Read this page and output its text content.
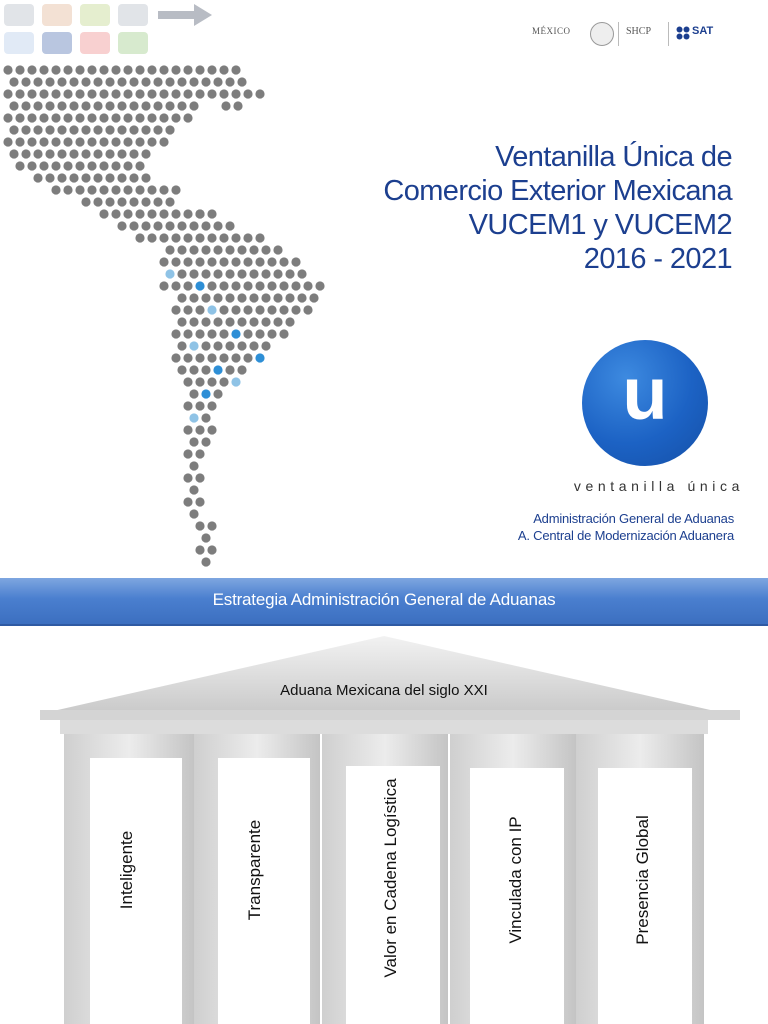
MÉXICO	SHCP	SAT
Ventanilla Única de
Comercio Exterior Mexicana
VUCEM1 y VUCEM2
2016 - 2021
u
ventanilla única
Administración General de Aduanas
A. Central de Modernización Aduanera
Estrategia Administración General de Aduanas
Aduana Mexicana del siglo XXI
Inteligente	Transparente	Valor en Cadena Logística	Vinculada con IP	Presencia Global
